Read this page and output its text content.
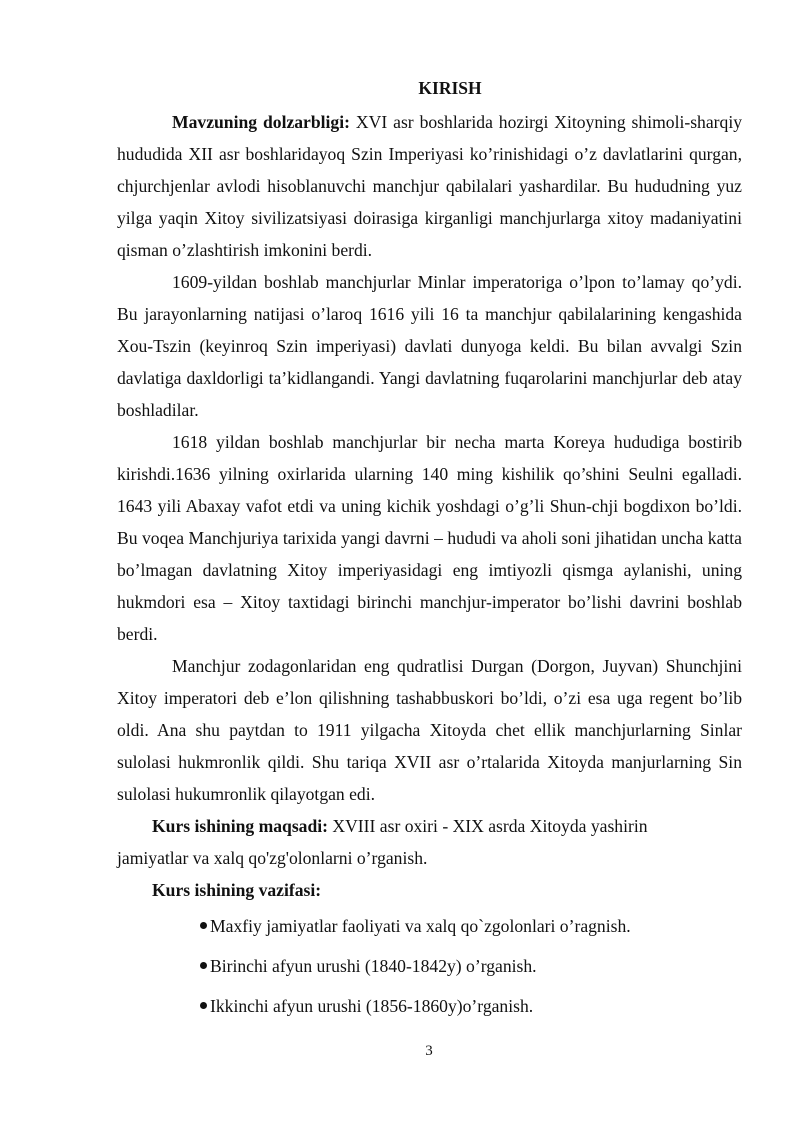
KIRISH

Mavzuning dolzarbligi: XVI asr boshlarida hozirgi Xitoyning shimoli-sharqiy hududida XII asr boshlaridayoq Szin Imperiyasi ko’rinishidagi o’z davlatlarini qurgan, chjurchjenlar avlodi hisoblanuvchi manchjur qabilalari yashardilar. Bu hududning yuz yilga yaqin Xitoy sivilizatsiyasi doirasiga kirganligi manchjurlarga xitoy madaniyatini qisman o’zlashtirish imkonini berdi.

1609-yildan boshlab manchjurlar Minlar imperatoriga o’lpon to’lamay qo’ydi. Bu jarayonlarning natijasi o’laroq 1616 yili 16 ta manchjur qabilalarining kengashida Xou-Tszin (keyinroq Szin imperiyasi) davlati dunyoga keldi. Bu bilan avvalgi Szin davlatiga daxldorligi ta’kidlangandi. Yangi davlatning fuqarolarini manchjurlar deb atay boshladilar.

1618 yildan boshlab manchjurlar bir necha marta Koreya hududiga bostirib kirishdi.1636 yilning oxirlarida ularning 140 ming kishilik qo’shini Seulni egalladi. 1643 yili Abaxay vafot etdi va uning kichik yoshdagi o’g’li Shun-chji bogdixon bo’ldi. Bu voqea Manchjuriya tarixida yangi davrni – hududi va aholi soni jihatidan uncha katta bo’lmagan davlatning Xitoy imperiyasidagi eng imtiyozli qismga aylanishi, uning hukmdori esa – Xitoy taxtidagi birinchi manchjur-imperator bo’lishi davrini boshlab berdi.

Manchjur zodagonlaridan eng qudratlisi Durgan (Dorgon, Juyvan) Shunchjini Xitoy imperatori deb e’lon qilishning tashabbuskori bo’ldi, o’zi esa uga regent bo’lib oldi. Ana shu paytdan to 1911 yilgacha Xitoyda chet ellik manchjurlarning Sinlar sulolasi hukmronlik qildi. Shu tariqa XVII asr o’rtalarida Xitoyda manjurlarning Sin sulolasi hukumronlik qilayotgan edi.

Kurs ishining maqsadi: XVIII asr oxiri - XIX asrda Xitoyda yashirin

jamiyatlar va xalq qo'zg'olonlarni o’rganish.

Kurs ishining vazifasi:

Maxfiy jamiyatlar faoliyati va xalq qo`zgolonlari o’ragnish.
Birinchi afyun urushi (1840-1842y) o’rganish.
Ikkinchi afyun urushi (1856-1860y)o’rganish.
3
